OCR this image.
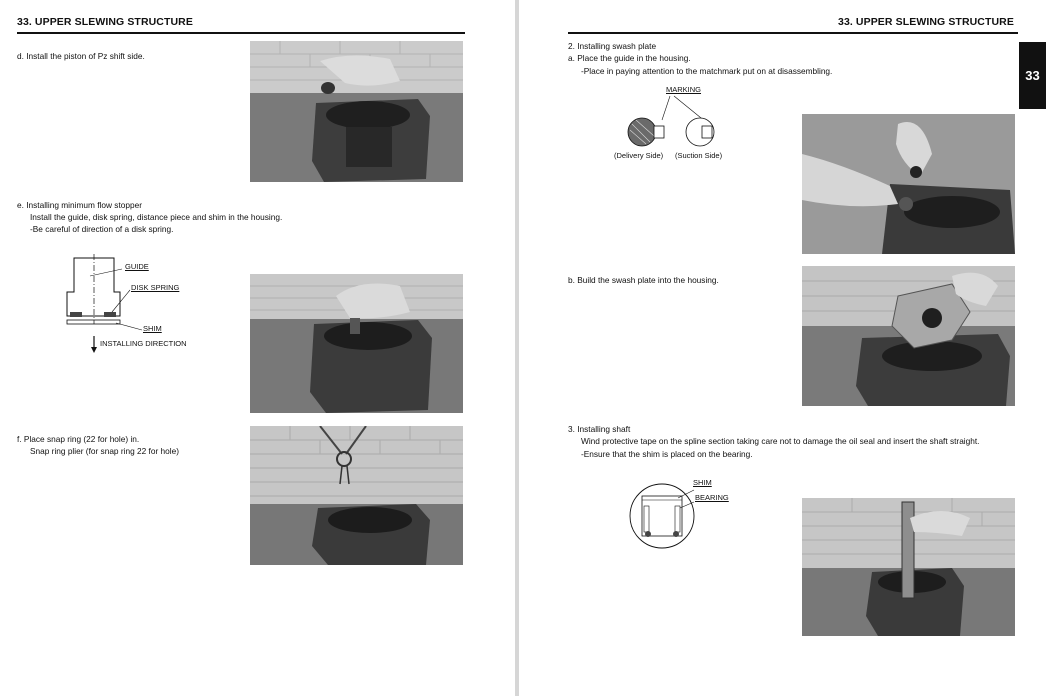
33. UPPER SLEWING STRUCTURE
d. Install the piston of Pz shift side.
e. Installing minimum flow stopper
Install the guide, disk spring, distance piece and shim in the housing.
-Be careful of direction of a disk spring.
GUIDE
DISK SPRING
SHIM
INSTALLING DIRECTION
f. Place snap ring (22 for hole) in.
Snap ring plier (for snap ring 22 for hole)
33. UPPER SLEWING STRUCTURE
33
2. Installing swash plate
a. Place the guide in the housing.
-Place in paying attention to the matchmark put on at disassembling.
MARKING
(Delivery Side) (Suction Side)
b. Build the swash plate into the housing.
3. Installing shaft
Wind protective tape on the spline section taking care not to damage the oil seal and insert the shaft straight.
-Ensure that the shim is placed on the bearing.
SHIM
BEARING
